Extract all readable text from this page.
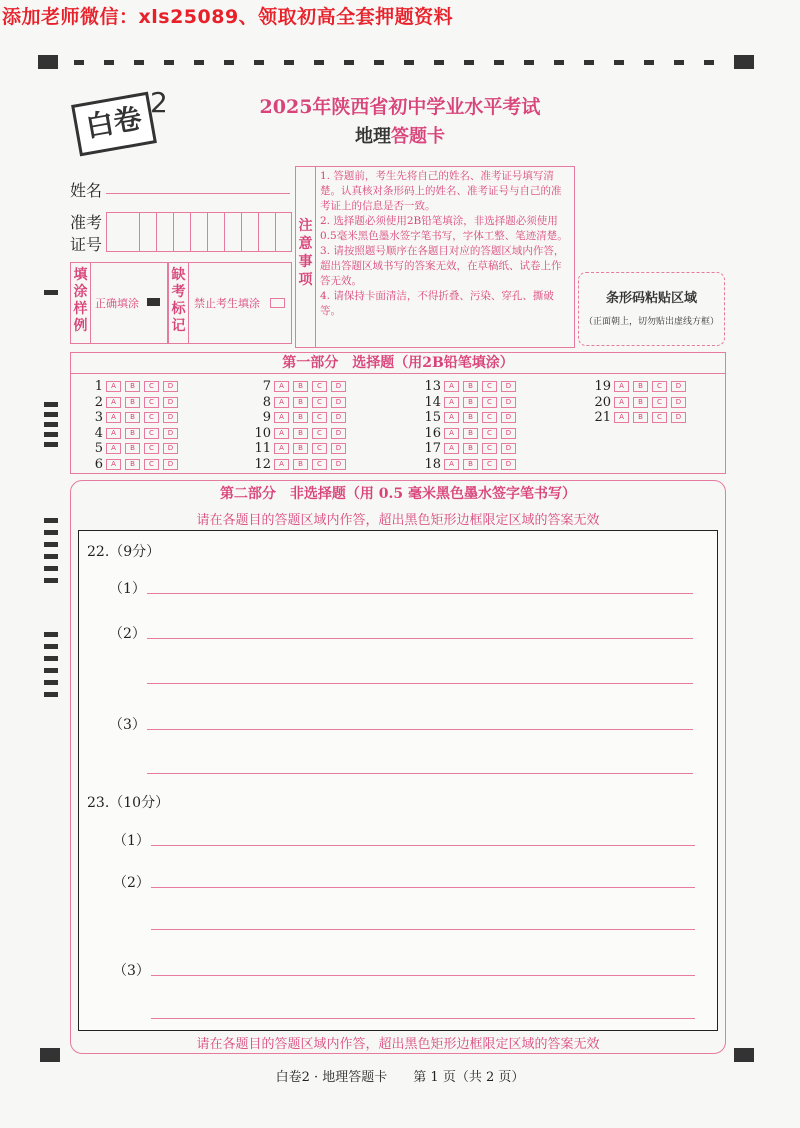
添加老师微信：xls25089、领取初高全套押题资料
白卷 2	2025年陕西省初中学业水平考试
地理答题卡
姓名
准考
证号
填涂样例
正确填涂
缺考标记
禁止考生填涂
注意事项
1. 答题前，考生先将自己的姓名、准考证号填写清楚。认真核对条形码上的姓名、准考证号与自己的准考证上的信息是否一致。
2. 选择题必须使用2B铅笔填涂，非选择题必须使用0.5毫米黑色墨水签字笔书写，字体工整、笔迹清楚。
3. 请按照题号顺序在各题目对应的答题区域内作答，超出答题区域书写的答案无效，在草稿纸、试卷上作答无效。
4. 请保持卡面清洁，不得折叠、污染、穿孔、撕破等。
条形码粘贴区域
（正面朝上，切勿贴出虚线方框）
第一部分　选择题（用2B铅笔填涂）
1 A B C D
2 A B C D
3 A B C D
4 A B C D
5 A B C D
6 A B C D
7 A B C D
8 A B C D
9 A B C D
10 A B C D
11 A B C D
12 A B C D
13 A B C D
14 A B C D
15 A B C D
16 A B C D
17 A B C D
18 A B C D
19 A B C D
20 A B C D
21 A B C D
第二部分　非选择题（用 0.5 毫米黑色墨水签字笔书写）
请在各题目的答题区域内作答，超出黑色矩形边框限定区域的答案无效
请在各题目的答题区域内作答，超出黑色矩形边框限定区域的答案无效
22.（9分）
（1）
（2）
（3）
23.（10分）
（1）
（2）
（3）
白卷2 · 地理答题卡　　第 1 页（共 2 页）
